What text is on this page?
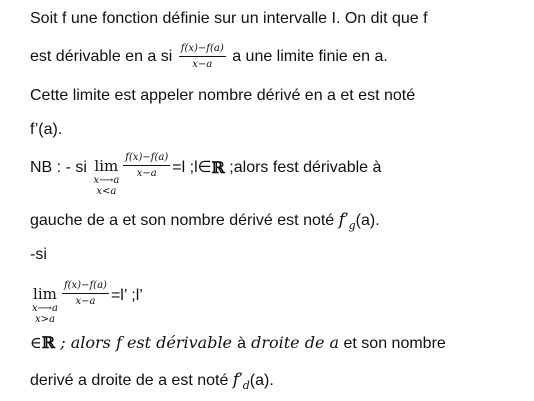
Soit f une fonction définie sur un intervalle I. On dit que f
est dérivable en a si $\frac{f(x)-f(a)}{x-a}$ a une limite finie en a.
Cette limite est appeler nombre dérivé en a et est noté
f’(a).
NB : - si lim
x⟶a
x<a
$\frac{f(x)-f(a)}{x-a} =l$ ;l∈ℝ ;alors fest dérivable à
gauche de a et son nombre dérivé est noté $f'_g(a)$.
-si
lim
x⟶a
x>a
$\frac{f(x)-f(a)}{x-a} =l$’ ;l’
∈ℝ ; alors f est dérivable à droite de a et son nombre
derivé a droite de a est noté $f'_d(a)$.
